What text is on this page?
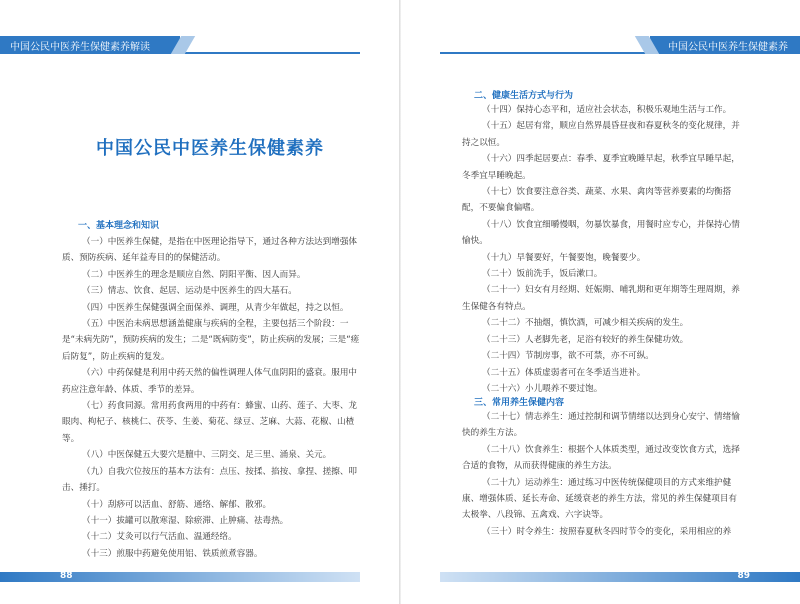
中国公民中医养生保健素养解读	中国公民中医养生保健素养
中国公民中医养生保健素养
一、基本理念和知识

（一）中医养生保健，是指在中医理论指导下，通过各种方法达到增强体质、预防疾病、延年益寿目的的保健活动。

（二）中医养生的理念是顺应自然、阴阳平衡、因人而异。

（三）情志、饮食、起居、运动是中医养生的四大基石。

（四）中医养生保健强调全面保养、调理，从青少年做起，持之以恒。

（五）中医治未病思想涵盖健康与疾病的全程，主要包括三个阶段：一是“未病先防”，预防疾病的发生；二是“既病防变”，防止疾病的发展；三是“瘥后防复”，防止疾病的复发。

（六）中药保健是利用中药天然的偏性调理人体气血阴阳的盛衰。服用中药应注意年龄、体质、季节的差异。

（七）药食同源。常用药食两用的中药有：蜂蜜、山药、莲子、大枣、龙眼肉、枸杞子、核桃仁、茯苓、生姜、菊花、绿豆、芝麻、大蒜、花椒、山楂等。

（八）中医保健五大要穴是膻中、三阴交、足三里、涌泉、关元。

（九）自我穴位按压的基本方法有：点压、按揉、掐按、拿捏、搓擦、叩击、捶打。

（十）刮痧可以活血、舒筋、通络、解郁、散邪。

（十一）拔罐可以散寒湿、除瘀滞、止肿痛、祛毒热。

（十二）艾灸可以行气活血、温通经络。

（十三）煎服中药避免使用铝、铁质煎煮容器。

二、健康生活方式与行为

（十四）保持心态平和，适应社会状态，积极乐观地生活与工作。

（十五）起居有常，顺应自然界晨昏昼夜和春夏秋冬的变化规律，并持之以恒。

（十六）四季起居要点：春季、夏季宜晚睡早起，秋季宜早睡早起，冬季宜早睡晚起。

（十七）饮食要注意谷类、蔬菜、水果、禽肉等营养要素的均衡搭配，不要偏食偏嗜。

（十八）饮食宜细嚼慢咽，勿暴饮暴食，用餐时应专心，并保持心情愉快。

（十九）早餐要好，午餐要饱，晚餐要少。

（二十）饭前洗手，饭后漱口。

（二十一）妇女有月经期、妊娠期、哺乳期和更年期等生理周期，养生保健各有特点。

（二十二）不抽烟，慎饮酒，可减少相关疾病的发生。

（二十三）人老脚先老，足浴有较好的养生保健功效。

（二十四）节制房事，欲不可禁，亦不可纵。

（二十五）体质虚弱者可在冬季适当进补。

（二十六）小儿喂养不要过饱。

三、常用养生保健内容

（二十七）情志养生：通过控制和调节情绪以达到身心安宁、情绪愉快的养生方法。

（二十八）饮食养生：根据个人体质类型，通过改变饮食方式，选择合适的食物，从而获得健康的养生方法。

（二十九）运动养生：通过练习中医传统保健项目的方式来维护健康、增强体质、延长寿命、延缓衰老的养生方法，常见的养生保健项目有太极拳、八段锦、五禽戏、六字诀等。

（三十）时令养生：按照春夏秋冬四时节令的变化，采用相应的养

88	89
